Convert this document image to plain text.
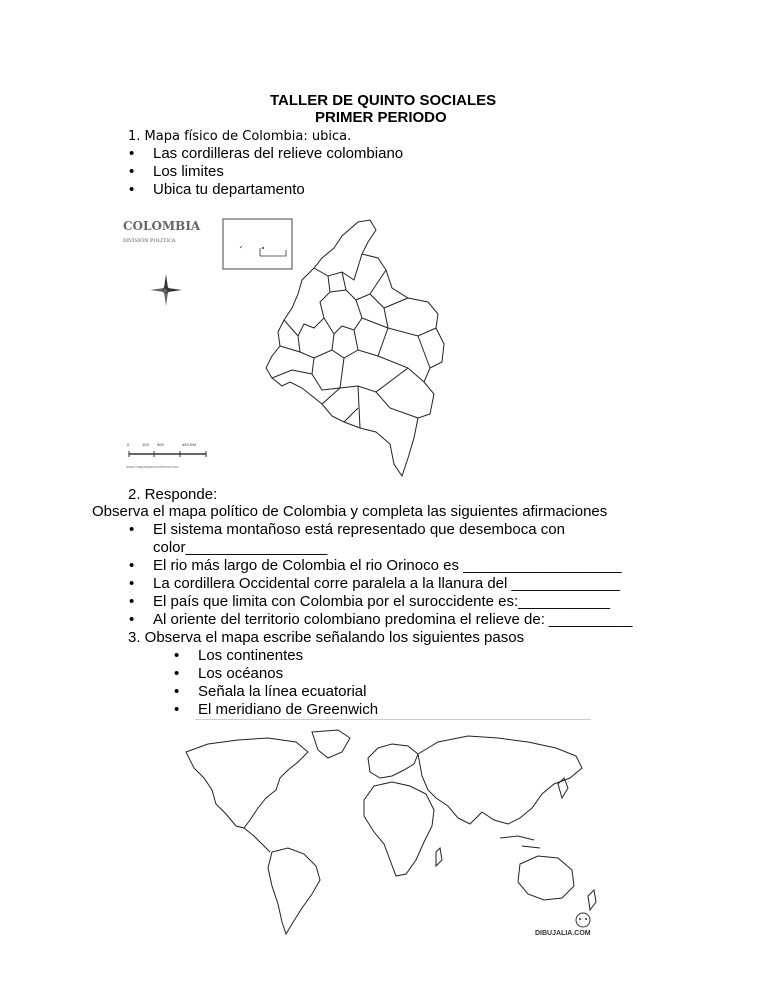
TALLER DE QUINTO SOCIALES
PRIMER PERIODO
1. Mapa físico de Colombia: ubica.
• Las cordilleras del relieve colombiano
• Los limites
• Ubica tu departamento
COLOMBIA
DIVISIÓN POLÍTICA
0	103 300	453 KM
www.mapasparacolorear.com
2. Responde:
Observa el mapa político de Colombia y completa las siguientes afirmaciones
• El sistema montañoso está representado que desemboca con
color_________________
• El rio más largo de Colombia el rio Orinoco es ___________________
• La cordillera Occidental corre paralela a la llanura del _____________
• El país que limita con Colombia por el suroccidente es:___________
• Al oriente del territorio colombiano predomina el relieve de: __________
3. Observa el mapa escribe señalando los siguientes pasos
• Los continentes
• Los océanos
• Señala la línea ecuatorial
• El meridiano de Greenwich
DIBUJALIA.COM
